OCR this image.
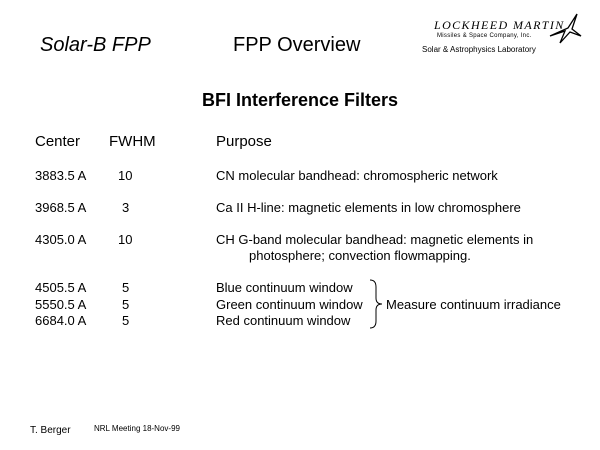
Solar-B FPP	FPP Overview
LOCKHEED MARTIN
Missiles & Space Company, Inc.
Solar & Astrophysics Laboratory
BFI Interference Filters
Center FWHM	Purpose
3883.5 A 10	CN molecular bandhead: chromospheric network
3968.5 A	3	Ca II H-line: magnetic elements in low chromosphere
4305.0 A 10	CH G-band molecular bandhead: magnetic elements in
photosphere; convection flowmapping.
4505.5 A	5	Blue continuum window
5550.5 A	5	Green continuum window
6684.0 A	5	Red continuum window
Measure continuum irradiance
T. Berger	NRL Meeting 18-Nov-99
